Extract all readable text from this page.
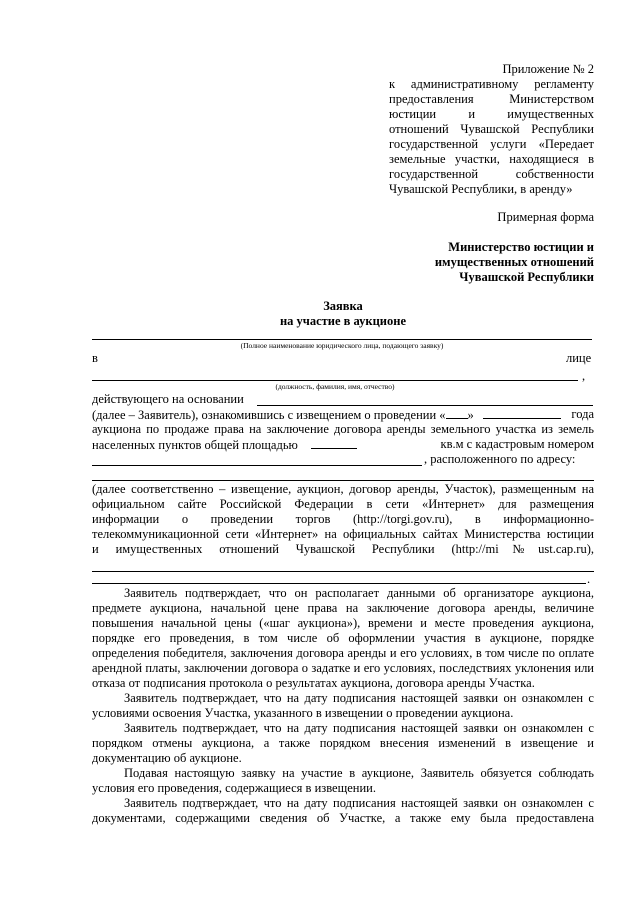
Приложение № 2
к административному регламенту
предоставления Министерством
юстиции и имущественных
отношений Чувашской Республики
государственной услуги «Передает
земельные участки, находящиеся в
государственной собственности
Чувашской Республики, в аренду»
Примерная форма
Министерство юстиции и
имущественных отношений
Чувашской Республики
Заявка
на участие в аукционе
(Полное наименование юридического лица, подающего заявку)
в	лице
,
(должность, фамилия, имя, отчество)
действующего на основании
(далее – Заявитель), ознакомившись с извещением о проведении « »	года
аукциона по продаже права на заключение договора аренды земельного участка из земель
населенных пунктов общей площадью	кв.м с кадастровым номером
, расположенного по адресу:
(далее соответственно – извещение, аукцион, договор аренды, Участок), размещенным на
официальном сайте Российской Федерации в сети «Интернет» для размещения
информации о проведении торгов (http://torgi.gov.ru), в информационно-
телекоммуникационной сети «Интернет» на официальных сайтах Министерства юстиции
и имущественных отношений Чувашской Республики (http://mi№ust.cap.ru),
.

Заявитель подтверждает, что он располагает данными об организаторе аукциона, предмете аукциона, начальной цене права на заключение договора аренды, величине повышения начальной цены («шаг аукциона»), времени и месте проведения аукциона, порядке его проведения, в том числе об оформлении участия в аукционе, порядке определения победителя, заключения договора аренды и его условиях, в том числе по оплате арендной платы, заключении договора о задатке и его условиях, последствиях уклонения или отказа от подписания протокола о результатах аукциона, договора аренды Участка.

Заявитель подтверждает, что на дату подписания настоящей заявки он ознакомлен с условиями освоения Участка, указанного в извещении о проведении аукциона.

Заявитель подтверждает, что на дату подписания настоящей заявки он ознакомлен с порядком отмены аукциона, а также порядком внесения изменений в извещение и документацию об аукционе.

Подавая настоящую заявку на участие в аукционе, Заявитель обязуется соблюдать условия его проведения, содержащиеся в извещении.

Заявитель подтверждает, что на дату подписания настоящей заявки он ознакомлен с документами, содержащими сведения об Участке, а также ему была предоставлена
